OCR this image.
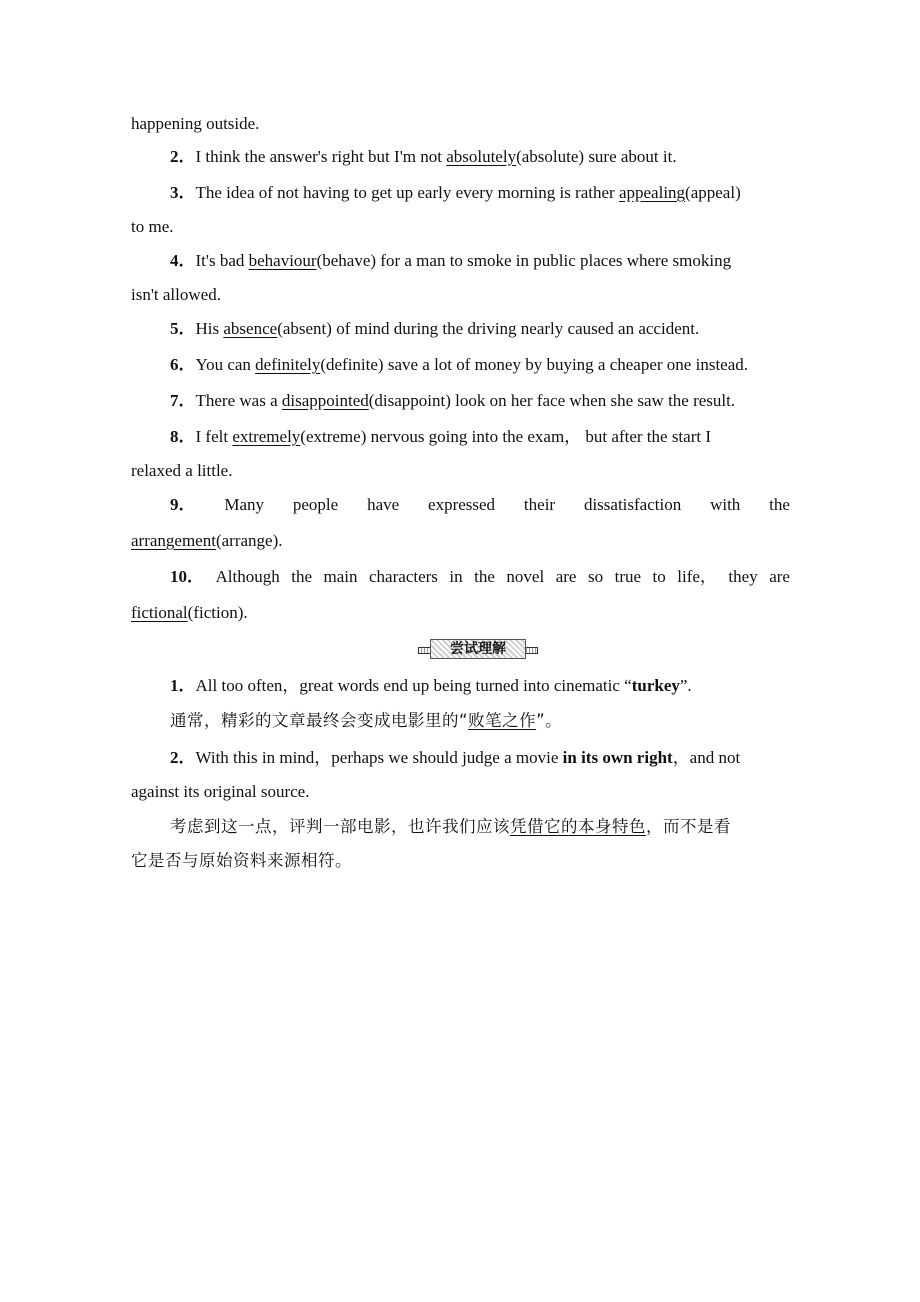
happening outside.
2．I think the answer's right but I'm not absolutely(absolute) sure about it.
3．The idea of not having to get up early every morning is rather appealing(appeal)
to me.
4．It's bad behaviour(behave) for a man to smoke in public places where smoking
isn't allowed.
5．His absence(absent) of mind during the driving nearly caused an accident.
6．You can definitely(definite) save a lot of money by buying a cheaper one instead.
7．There was a disappointed(disappoint) look on her face when she saw the result.
8．I felt extremely(extreme) nervous going into the exam， but after the start I
relaxed a little.
9． Many people have expressed their dissatisfaction with the
arrangement(arrange).
10． Although the main characters in the novel are so true to life， they are
fictional(fiction).
尝试理解
1．All too often，great words end up being turned into cinematic “turkey”.
通常，精彩的文章最终会变成电影里的“败笔之作”。
2．With this in mind，perhaps we should judge a movie in its own right，and not
against its original source.
考虑到这一点，评判一部电影，也许我们应该凭借它的本身特色，而不是看
它是否与原始资料来源相符。
